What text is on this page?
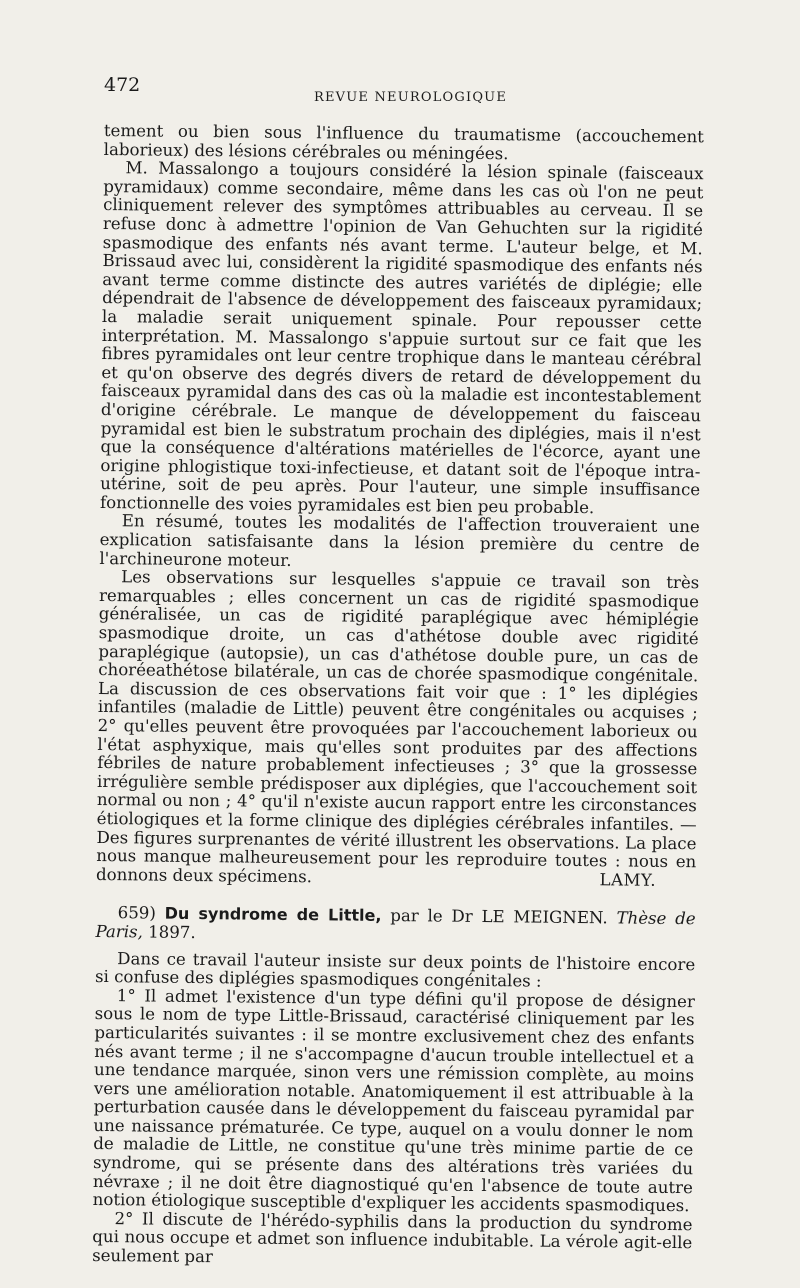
472
REVUE NEUROLOGIQUE

tement ou bien sous l'influence du traumatisme (accouchement laborieux) des lésions cérébrales ou méningées.

M. Massalongo a toujours considéré la lésion spinale (faisceaux pyramidaux) comme secondaire, même dans les cas où l'on ne peut cliniquement relever des symptômes attribuables au cerveau. Il se refuse donc à admettre l'opinion de Van Gehuchten sur la rigidité spasmodique des enfants nés avant terme. L'auteur belge, et M. Brissaud avec lui, considèrent la rigidité spasmodique des enfants nés avant terme comme distincte des autres variétés de diplégie; elle dépendrait de l'absence de développement des faisceaux pyramidaux; la maladie serait uniquement spinale. Pour repousser cette interprétation. M. Massalongo s'appuie surtout sur ce fait que les fibres pyramidales ont leur centre trophique dans le manteau cérébral et qu'on observe des degrés divers de retard de développement du faisceaux pyramidal dans des cas où la maladie est incontestablement d'origine cérébrale. Le manque de développement du faisceau pyramidal est bien le substratum prochain des diplégies, mais il n'est que la conséquence d'altérations matérielles de l'écorce, ayant une origine phlogistique toxi-infectieuse, et datant soit de l'époque intra-utérine, soit de peu après. Pour l'auteur, une simple insuffisance fonctionnelle des voies pyramidales est bien peu probable.

En résumé, toutes les modalités de l'affection trouveraient une explication satisfaisante dans la lésion première du centre de l'archineurone moteur.

Les observations sur lesquelles s'appuie ce travail son très remarquables ; elles concernent un cas de rigidité spasmodique généralisée, un cas de rigidité paraplégique avec hémiplégie spasmodique droite, un cas d'athétose double avec rigidité paraplégique (autopsie), un cas d'athétose double pure, un cas de choréeathétose bilatérale, un cas de chorée spasmodique congénitale. La discussion de ces observations fait voir que : 1° les diplégies infantiles (maladie de Little) peuvent être congénitales ou acquises ; 2° qu'elles peuvent être provoquées par l'accouchement laborieux ou l'état asphyxique, mais qu'elles sont produites par des affections fébriles de nature probablement infectieuses ; 3° que la grossesse irrégulière semble prédisposer aux diplégies, que l'accouchement soit normal ou non ; 4° qu'il n'existe aucun rapport entre les circonstances étiologiques et la forme clinique des diplégies cérébrales infantiles. — Des figures surprenantes de vérité illustrent les observations. La place nous manque malheureusement pour les reproduire toutes : nous en donnons deux spécimens.	LAMY.

659) Du syndrome de Little, par le Dr LE MEIGNEN. Thèse de Paris, 1897.

Dans ce travail l'auteur insiste sur deux points de l'histoire encore si confuse des diplégies spasmodiques congénitales :

1° Il admet l'existence d'un type défini qu'il propose de désigner sous le nom de type Little-Brissaud, caractérisé cliniquement par les particularités suivantes : il se montre exclusivement chez des enfants nés avant terme ; il ne s'accompagne d'aucun trouble intellectuel et a une tendance marquée, sinon vers une rémission complète, au moins vers une amélioration notable. Anatomiquement il est attribuable à la perturbation causée dans le développement du faisceau pyramidal par une naissance prématurée. Ce type, auquel on a voulu donner le nom de maladie de Little, ne constitue qu'une très minime partie de ce syndrome, qui se présente dans des altérations très variées du névraxe ; il ne doit être diagnostiqué qu'en l'absence de toute autre notion étiologique susceptible d'expliquer les accidents spasmodiques.

2° Il discute de l'hérédo-syphilis dans la production du syndrome qui nous occupe et admet son influence indubitable. La vérole agit-elle seulement par
